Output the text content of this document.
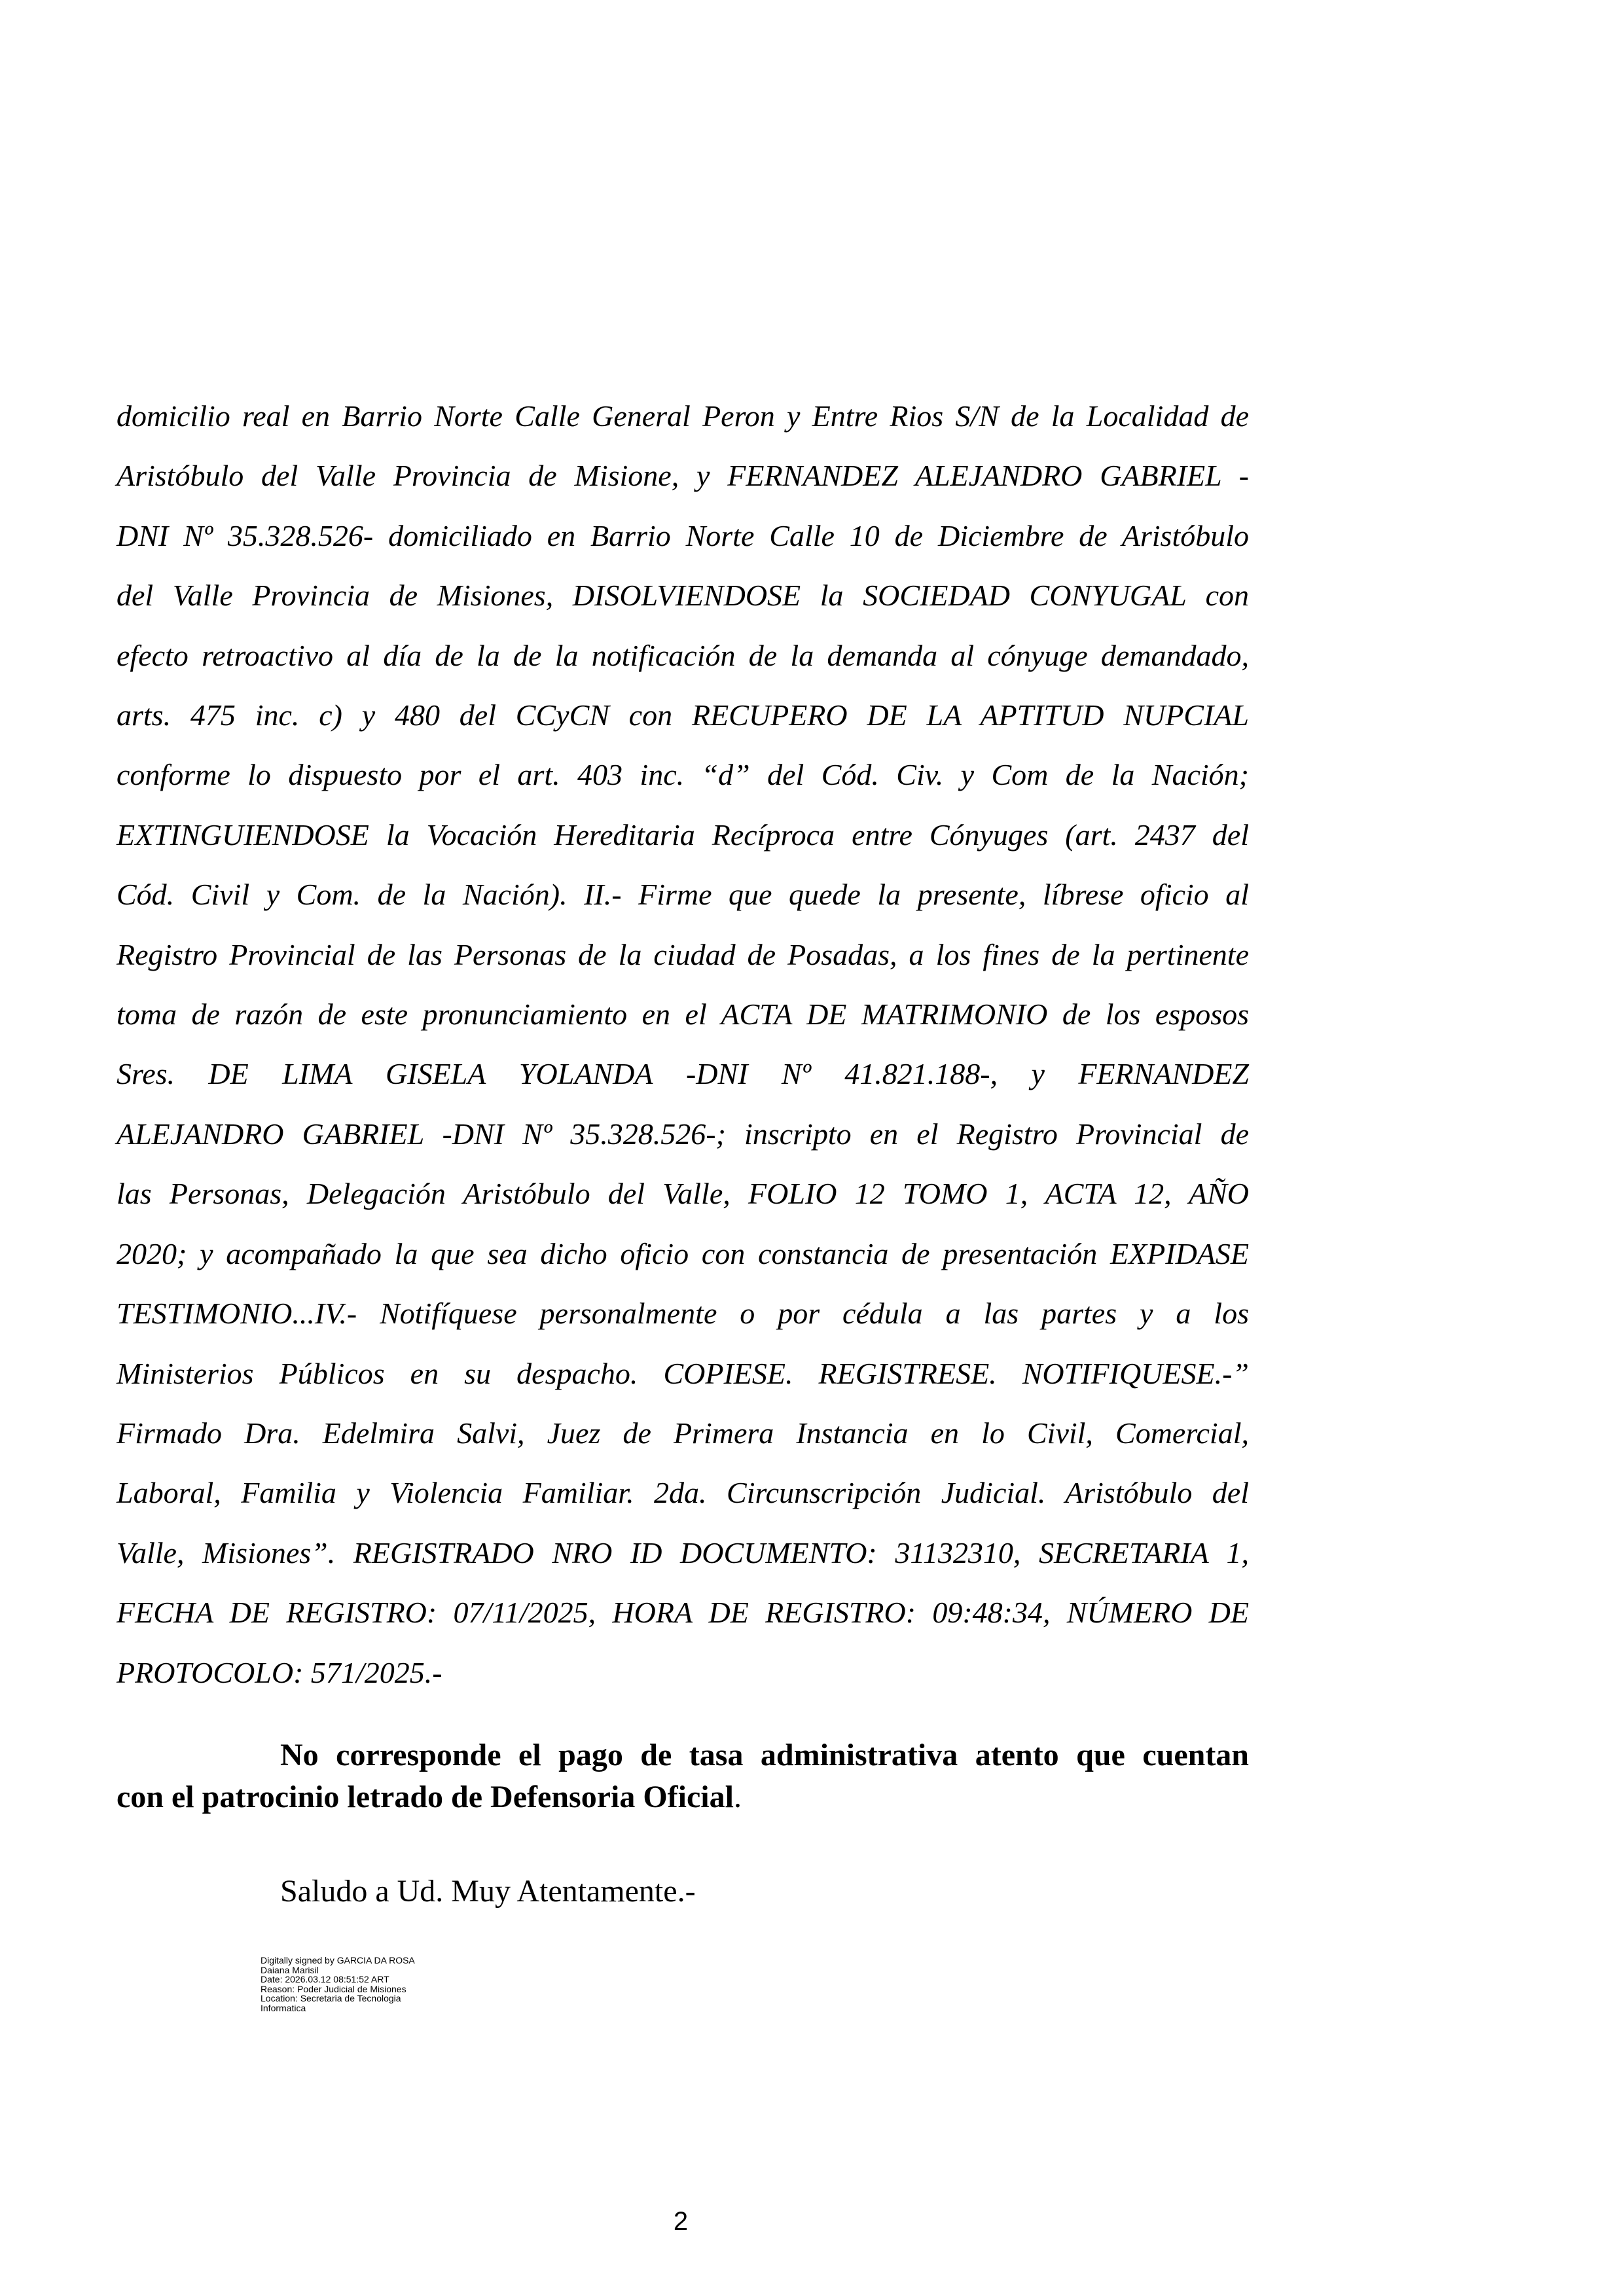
domicilio real en Barrio Norte Calle General Peron y Entre Rios S/N de la Localidad de
Aristóbulo del Valle Provincia de Misione, y FERNANDEZ ALEJANDRO GABRIEL -
DNI Nº 35.328.526- domiciliado en Barrio Norte Calle 10 de Diciembre de Aristóbulo
del Valle Provincia de Misiones, DISOLVIENDOSE la SOCIEDAD CONYUGAL con
efecto retroactivo al día de la de la notificación de la demanda al cónyuge demandado,
arts. 475 inc. c) y 480 del CCyCN con RECUPERO DE LA APTITUD NUPCIAL
conforme lo dispuesto por el art. 403 inc. “d” del Cód. Civ. y Com de la Nación;
EXTINGUIENDOSE la Vocación Hereditaria Recíproca entre Cónyuges (art. 2437 del
Cód. Civil y Com. de la Nación). II.- Firme que quede la presente, líbrese oficio al
Registro Provincial de las Personas de la ciudad de Posadas, a los fines de la pertinente
toma de razón de este pronunciamiento en el ACTA DE MATRIMONIO de los esposos
Sres. DE LIMA GISELA YOLANDA -DNI Nº 41.821.188-, y FERNANDEZ
ALEJANDRO GABRIEL -DNI Nº 35.328.526-; inscripto en el Registro Provincial de
las Personas, Delegación Aristóbulo del Valle, FOLIO 12 TOMO 1, ACTA 12, AÑO
2020; y acompañado la que sea dicho oficio con constancia de presentación EXPIDASE
TESTIMONIO...IV.- Notifíquese personalmente o por cédula a las partes y a los
Ministerios Públicos en su despacho. COPIESE. REGISTRESE. NOTIFIQUESE.-”
Firmado Dra. Edelmira Salvi, Juez de Primera Instancia en lo Civil, Comercial,
Laboral, Familia y Violencia Familiar. 2da. Circunscripción Judicial. Aristóbulo del
Valle, Misiones”. REGISTRADO NRO ID DOCUMENTO: 31132310, SECRETARIA 1,
FECHA DE REGISTRO: 07/11/2025, HORA DE REGISTRO: 09:48:34, NÚMERO DE
PROTOCOLO: 571/2025.-

No corresponde el pago de tasa administrativa atento que cuentan
con el patrocinio letrado de Defensoria Oficial.

Saludo a Ud. Muy Atentamente.-

Digitally signed by GARCIA DA ROSA
Daiana Marisil
Date: 2026.03.12 08:51:52 ART
Reason: Poder Judicial de Misiones
Location: Secretaria de Tecnologia
Informatica

2
